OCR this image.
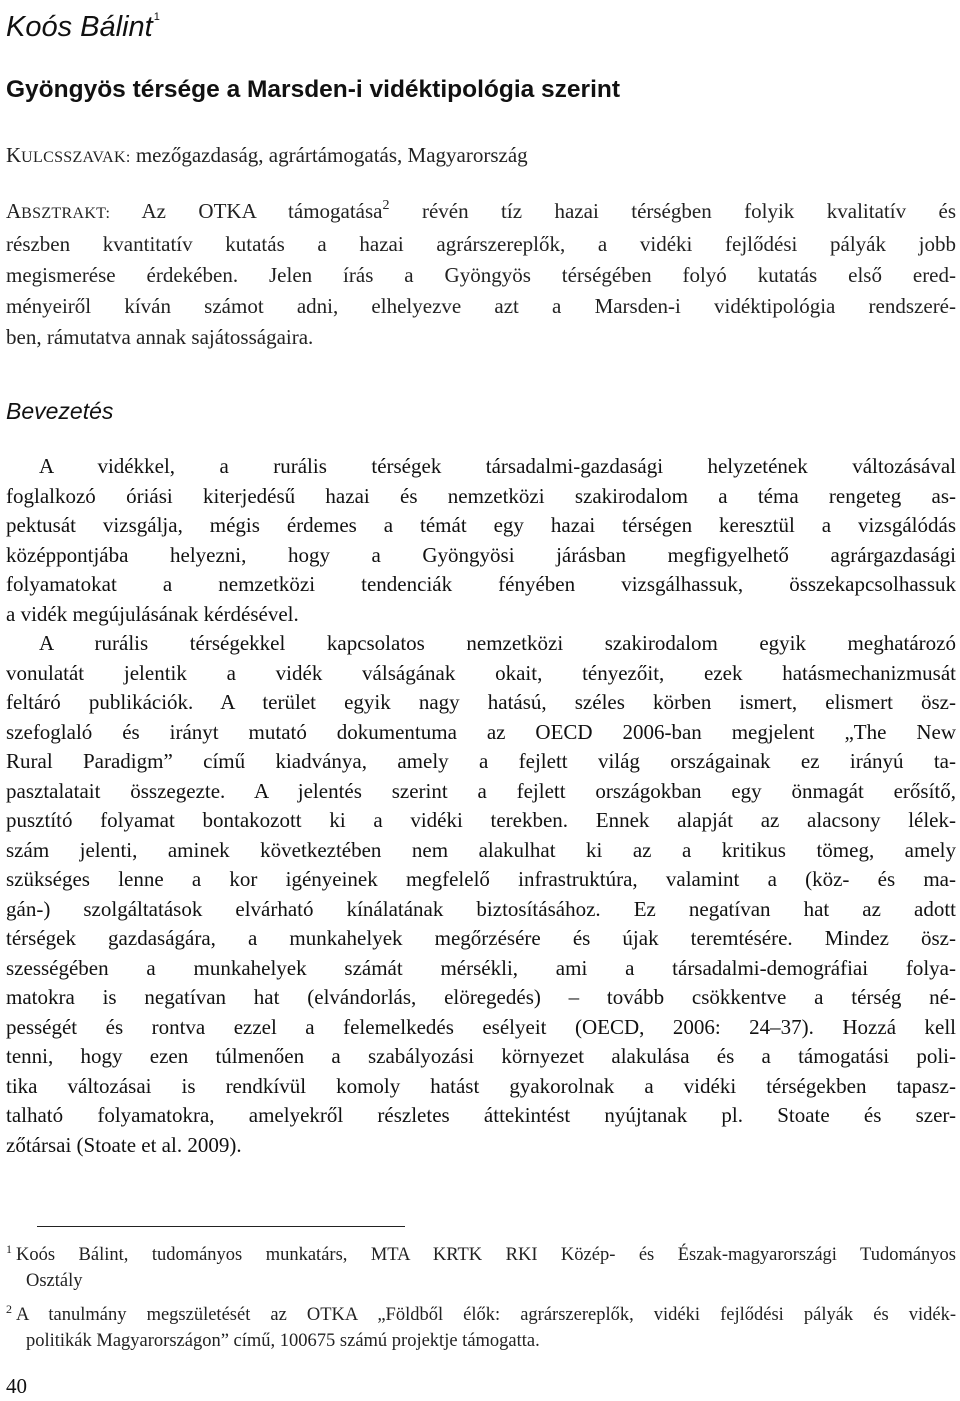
Koós Bálint$^1$
Gyöngyös térsége a Marsden-i vidéktipológia szerint
KULCSSZAVAK: mezőgazdaság, agrártámogatás, Magyarország
ABSZTRAKT: Az OTKA támogatása$^2$ révén tíz hazai térségben folyik kvalitatív és
részben kvantitatív kutatás a hazai agrárszereplők, a vidéki fejlődési pályák jobb
megismerése érdekében. Jelen írás a Gyöngyös térségében folyó kutatás első ered-
ményeiről kíván számot adni, elhelyezve azt a Marsden-i vidéktipológia rendszeré-
ben, rámutatva annak sajátosságaira.
Bevezetés
A vidékkel, a rurális térségek társadalmi-gazdasági helyzetének változásával
foglalkozó óriási kiterjedésű hazai és nemzetközi szakirodalom a téma rengeteg as-
pektusát vizsgálja, mégis érdemes a témát egy hazai térségen keresztül a vizsgálódás
középpontjába helyezni, hogy a Gyöngyösi járásban megfigyelhető agrárgazdasági
folyamatokat a nemzetközi tendenciák fényében vizsgálhassuk, összekapcsolhassuk
a vidék megújulásának kérdésével.
A rurális térségekkel kapcsolatos nemzetközi szakirodalom egyik meghatározó
vonulatát jelentik a vidék válságának okait, tényezőit, ezek hatásmechanizmusát
feltáró publikációk. A terület egyik nagy hatású, széles körben ismert, elismert ösz-
szefoglaló és irányt mutató dokumentuma az OECD 2006-ban megjelent „The New
Rural Paradigm” című kiadványa, amely a fejlett világ országainak ez irányú ta-
pasztalatait összegezte. A jelentés szerint a fejlett országokban egy önmagát erősítő,
pusztító folyamat bontakozott ki a vidéki terekben. Ennek alapját az alacsony lélek-
szám jelenti, aminek következtében nem alakulhat ki az a kritikus tömeg, amely
szükséges lenne a kor igényeinek megfelelő infrastruktúra, valamint a (köz- és ma-
gán-) szolgáltatások elvárható kínálatának biztosításához. Ez negatívan hat az adott
térségek gazdaságára, a munkahelyek megőrzésére és újak teremtésére. Mindez ösz-
szességében a munkahelyek számát mérsékli, ami a társadalmi-demográfiai folya-
matokra is negatívan hat (elvándorlás, elöregedés) – tovább csökkentve a térség né-
pességét és rontva ezzel a felemelkedés esélyeit (OECD, 2006: 24–37). Hozzá kell
tenni, hogy ezen túlmenően a szabályozási környezet alakulása és a támogatási poli-
tika változásai is rendkívül komoly hatást gyakorolnak a vidéki térségekben tapasz-
talható folyamatokra, amelyekről részletes áttekintést nyújtanak pl. Stoate és szer-
zőtársai (Stoate et al. 2009).
$^1$ Koós Bálint, tudományos munkatárs, MTA KRTK RKI Közép- és Észak-magyarországi Tudományos
Osztály
$^2$ A tanulmány megszületését az OTKA „Földből élők: agrárszereplők, vidéki fejlődési pályák és vidék-
politikák Magyarországon” című, 100675 számú projektje támogatta.
40
